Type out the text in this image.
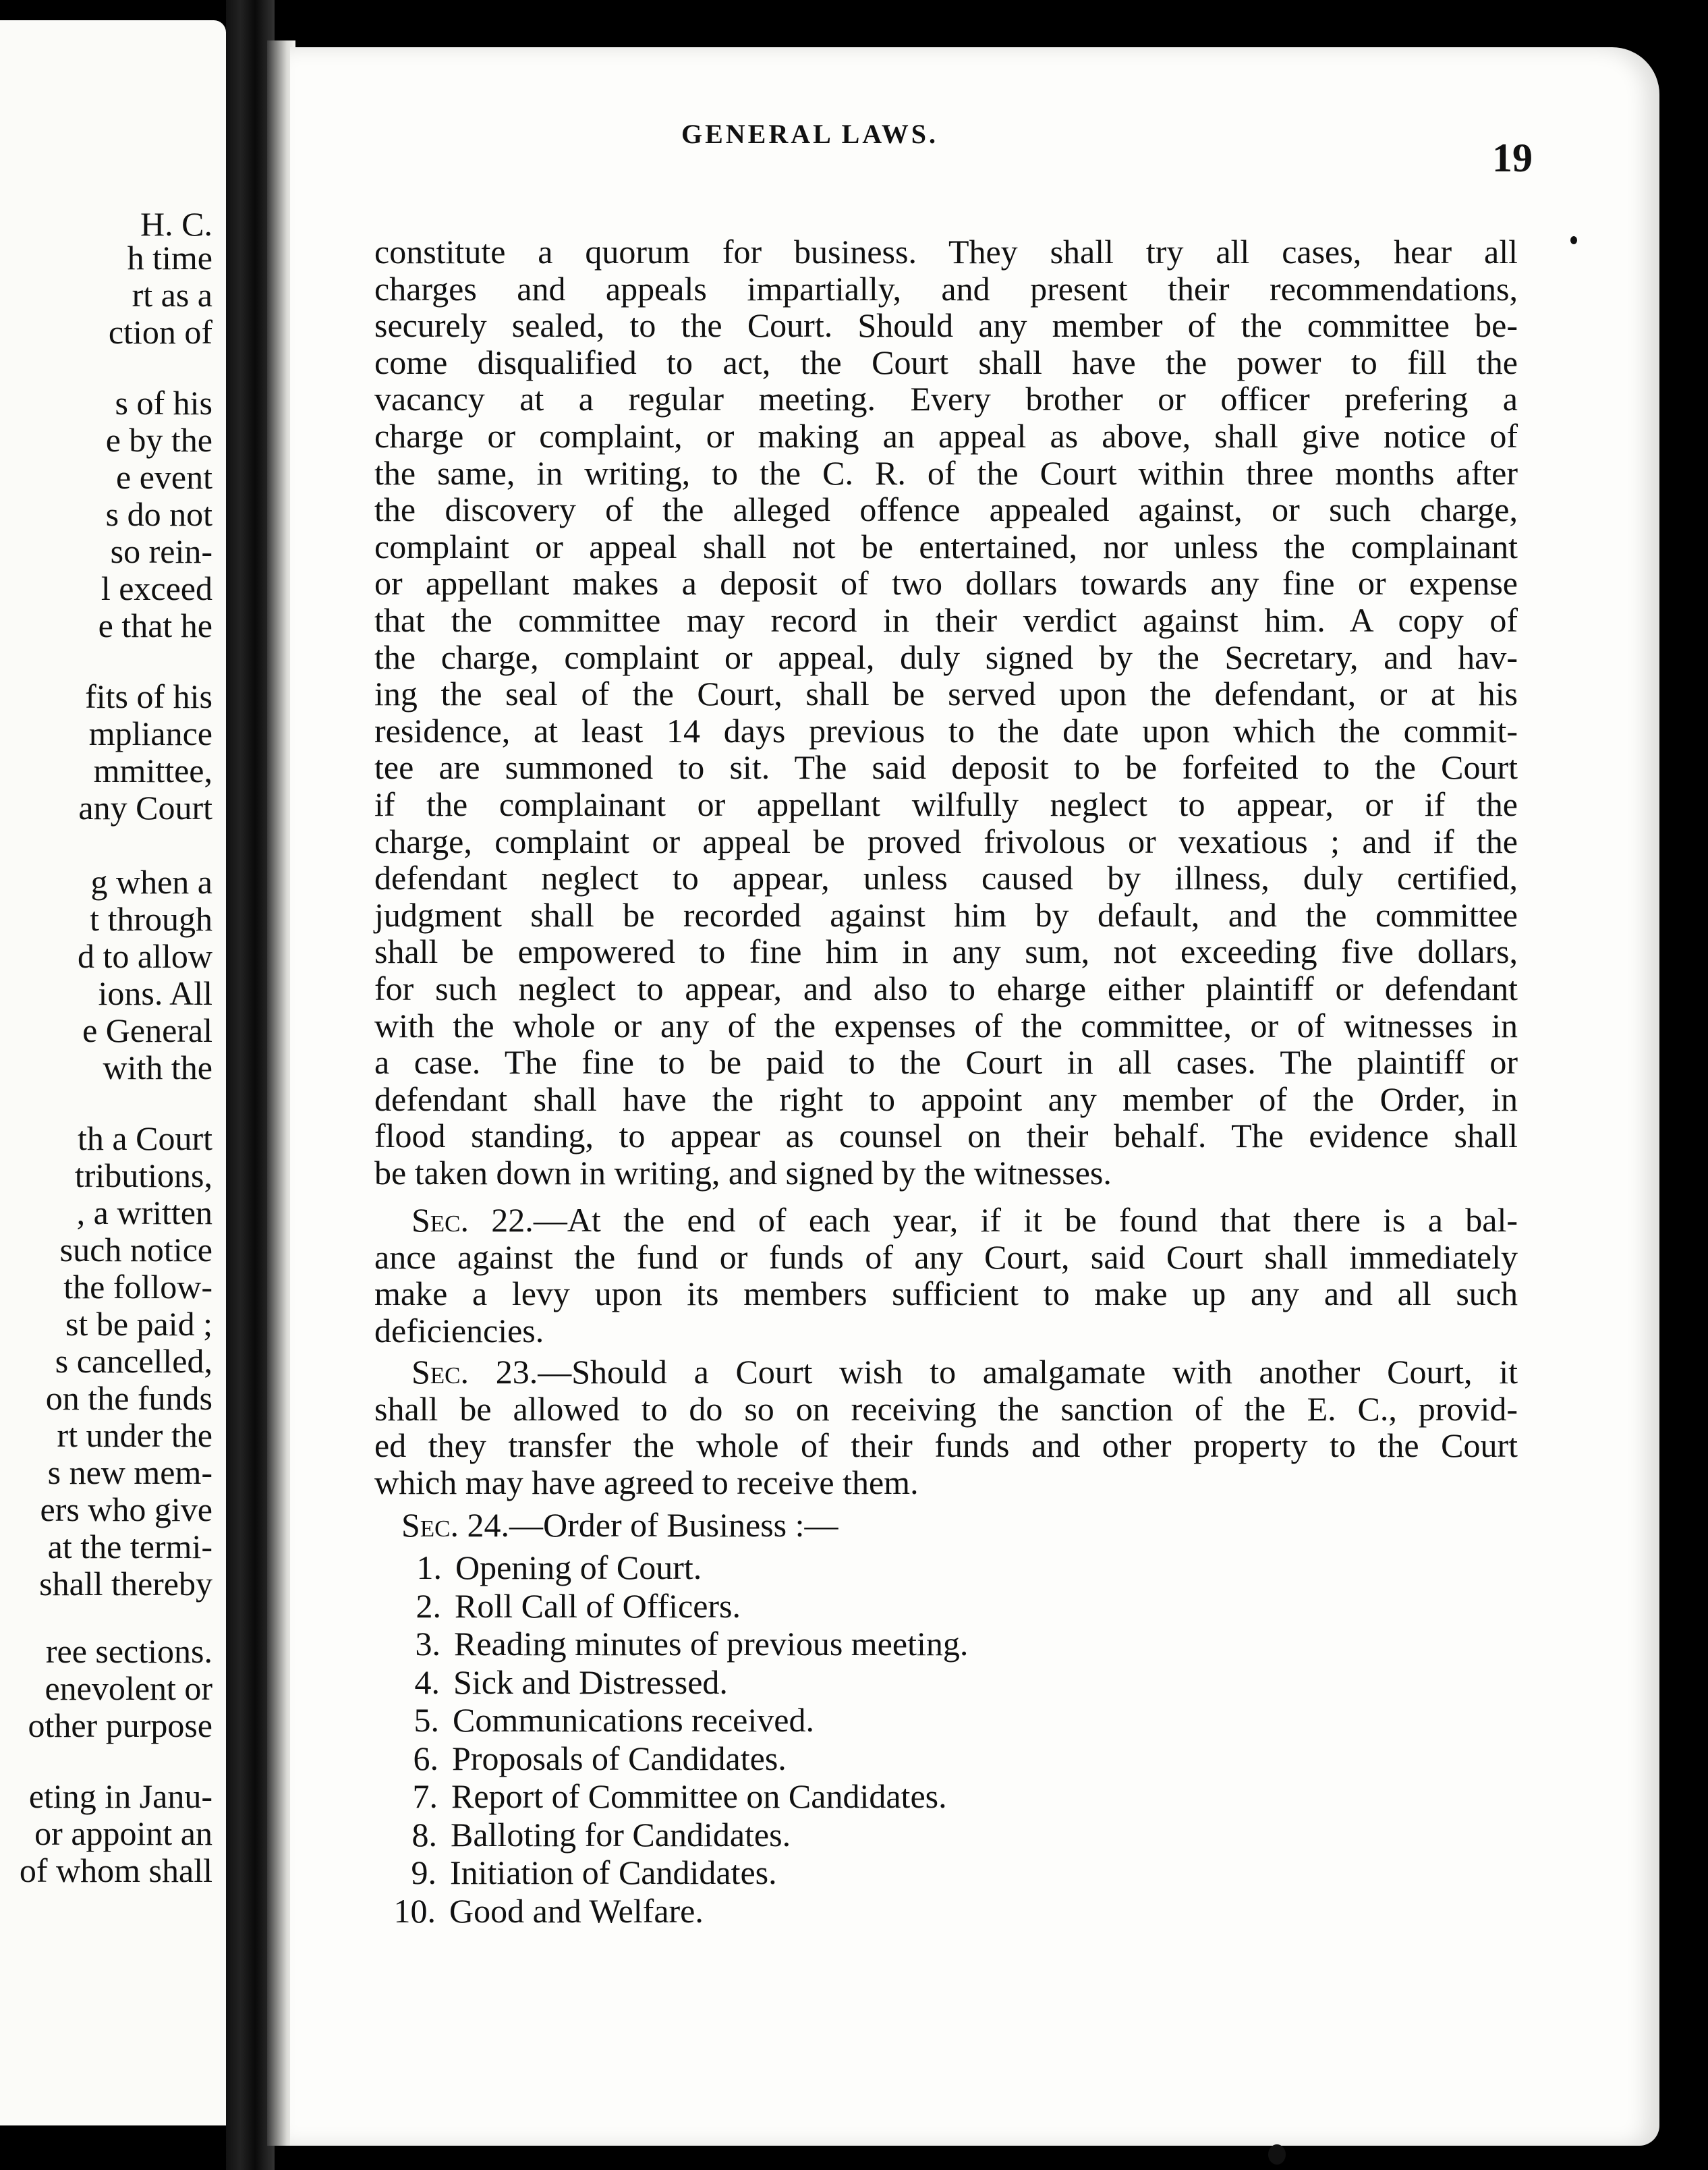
H. C.
h time
rt as a
ction of
s of his
e by the
e event
s do not
so rein-
l exceed
e that he
fits of his
mpliance
mmittee,
any Court
g when a
t through
d to allow
ions. All
e General
with the
th a Court
tributions,
, a written
such notice
the follow-
st be paid ;
s cancelled,
on the funds
rt under the
s new mem-
ers who give
at the termi-
shall thereby
ree sections.
enevolent or
other purpose
eting in Janu-
or appoint an
of whom shall
GENERAL LAWS.
19
constitute a quorum for business. They shall try all cases, hear all
charges and appeals impartially, and present their recommendations,
securely sealed, to the Court. Should any member of the committee be-
come disqualified to act, the Court shall have the power to fill the
vacancy at a regular meeting. Every brother or officer prefering a
charge or complaint, or making an appeal as above, shall give notice of
the same, in writing, to the C. R. of the Court within three months after
the discovery of the alleged offence appealed against, or such charge,
complaint or appeal shall not be entertained, nor unless the complainant
or appellant makes a deposit of two dollars towards any fine or expense
that the committee may record in their verdict against him. A copy of
the charge, complaint or appeal, duly signed by the Secretary, and hav-
ing the seal of the Court, shall be served upon the defendant, or at his
residence, at least 14 days previous to the date upon which the commit-
tee are summoned to sit. The said deposit to be forfeited to the Court
if the complainant or appellant wilfully neglect to appear, or if the
charge, complaint or appeal be proved frivolous or vexatious ; and if the
defendant neglect to appear, unless caused by illness, duly certified,
judgment shall be recorded against him by default, and the committee
shall be empowered to fine him in any sum, not exceeding five dollars,
for such neglect to appear, and also to eharge either plaintiff or defendant
with the whole or any of the expenses of the committee, or of witnesses in
a case. The fine to be paid to the Court in all cases. The plaintiff or
defendant shall have the right to appoint any member of the Order, in
flood standing, to appear as counsel on their behalf. The evidence shall
be taken down in writing, and signed by the witnesses.
Sec. 22.—At the end of each year, if it be found that there is a bal-
ance against the fund or funds of any Court, said Court shall immediately
make a levy upon its members sufficient to make up any and all such
deficiencies.
Sec. 23.—Should a Court wish to amalgamate with another Court, it
shall be allowed to do so on receiving the sanction of the E. C., provid-
ed they transfer the whole of their funds and other property to the Court
which may have agreed to receive them.
Sec. 24.—Order of Business :—
1. Opening of Court.
2. Roll Call of Officers.
3. Reading minutes of previous meeting.
4. Sick and Distressed.
5. Communications received.
6. Proposals of Candidates.
7. Report of Committee on Candidates.
8. Balloting for Candidates.
9. Initiation of Candidates.
10. Good and Welfare.
